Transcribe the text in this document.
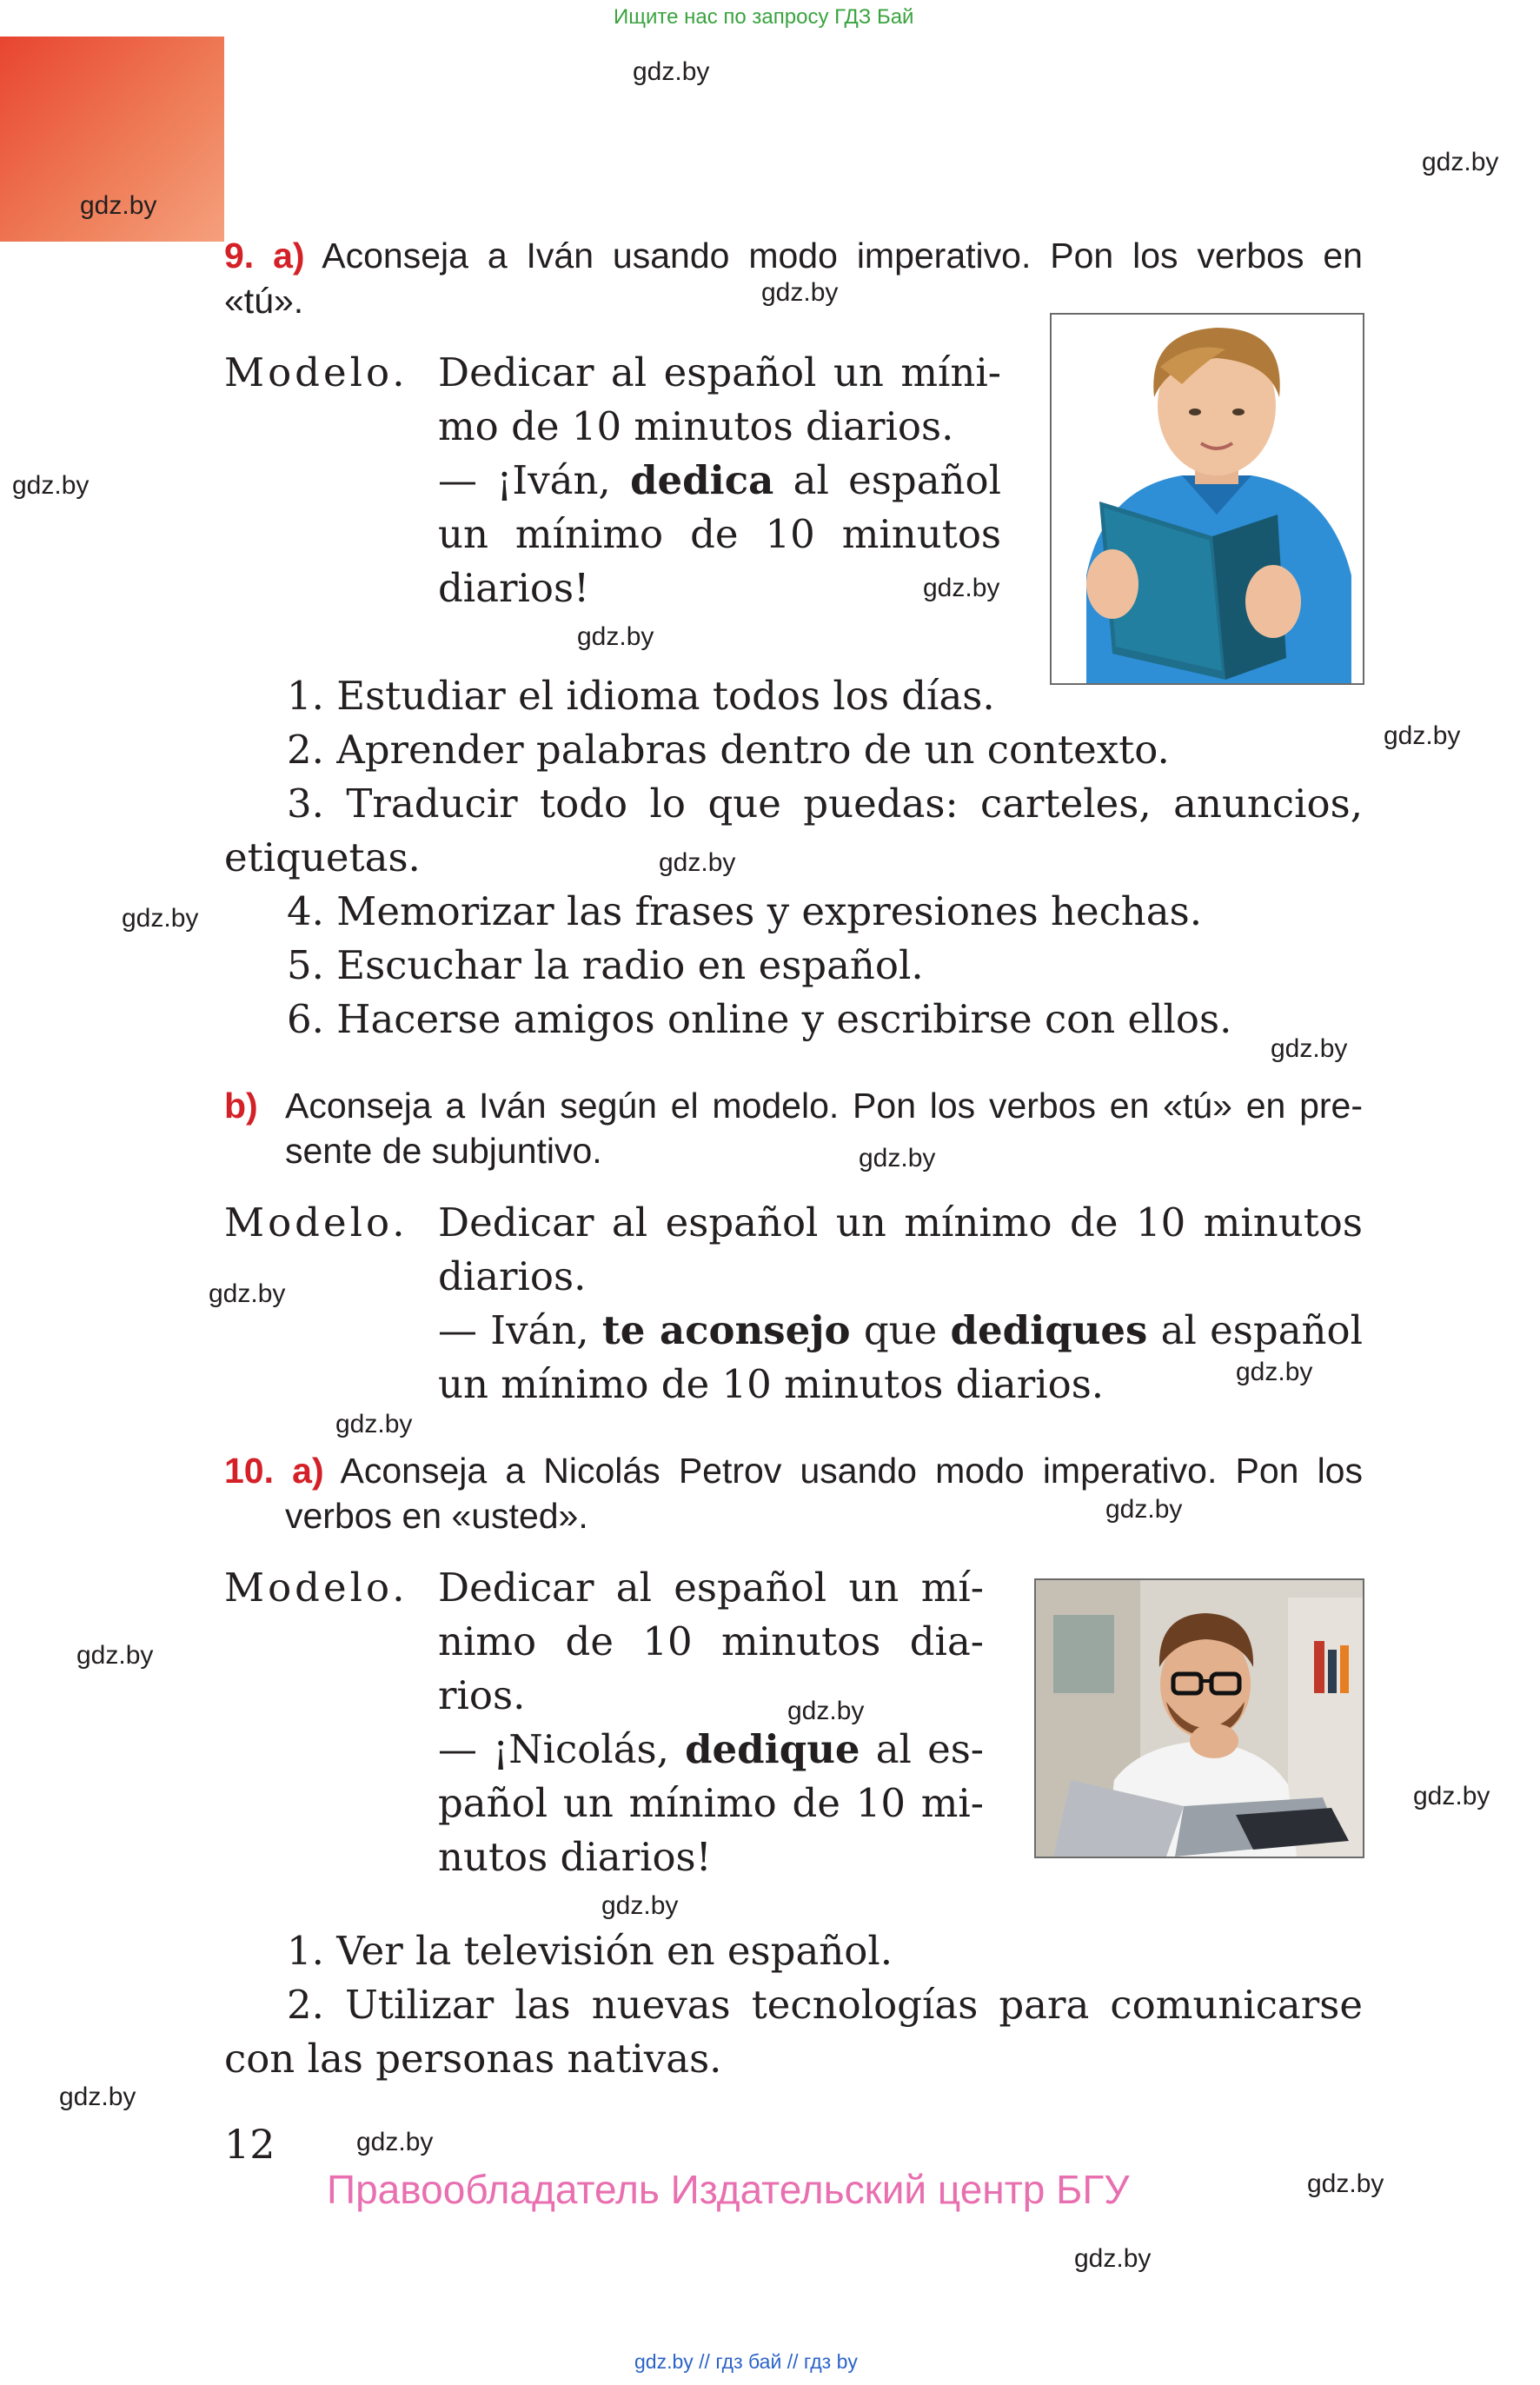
Ищите нас по запросу ГДЗ Бай
gdz.by
gdz.by
gdz.by
gdz.by
gdz.by
gdz.by
gdz.by
gdz.by
gdz.by
gdz.by
gdz.by
gdz.by
gdz.by
gdz.by
gdz.by
gdz.by
gdz.by
gdz.by
gdz.by
gdz.by
gdz.by
gdz.by
gdz.by
gdz.by
9. a) Aconseja a Iván usando modo imperativo. Pon los verbos en
«tú».
Modelo. Dedicar al español un míni-
mo de 10 minutos diarios.
— ¡Iván, dedica al español
un mínimo de 10 minutos
diarios!
1. Estudiar el idioma todos los días.
2. Aprender palabras dentro de un contexto.
3. Traducir todo lo que puedas: carteles, anuncios,
etiquetas.
4. Memorizar las frases y expresiones hechas.
5. Escuchar la radio en español.
6. Hacerse amigos online y escribirse con ellos.
b) Aconseja a Iván según el modelo. Pon los verbos en «tú» en pre-
sente de subjuntivo.
Modelo. Dedicar al español un mínimo de 10 minutos
diarios.
— Iván, te aconsejo que dediques al español
un mínimo de 10 minutos diarios.
10. a) Aconseja a Nicolás Petrov usando modo imperativo. Pon los
verbos en «usted».
Modelo. Dedicar al español un mí-
nimo de 10 minutos dia-
rios.
— ¡Nicolás, dedique al es-
pañol un mínimo de 10 mi-
nutos diarios!
1. Ver la televisión en español.
2. Utilizar las nuevas tecnologías para comunicarse
con las personas nativas.
12
Правообладатель Издательский центр БГУ
gdz.by // гдз бай // гдз by
